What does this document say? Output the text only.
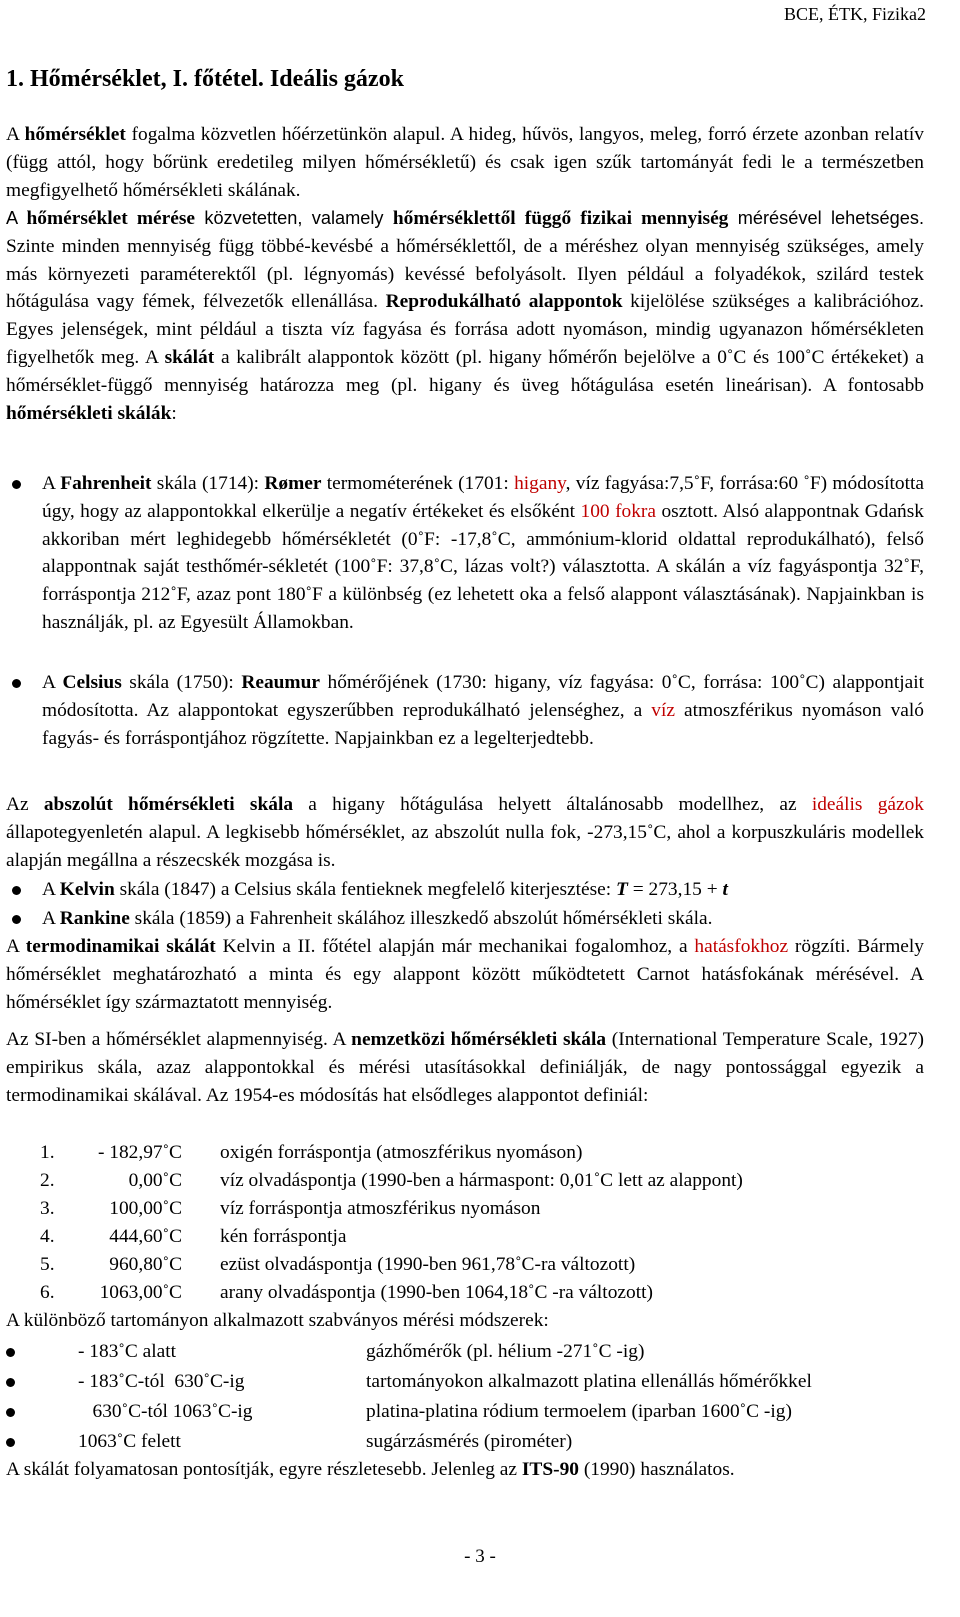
BCE, ÉTK, Fizika2
1. Hőmérséklet, I. főtétel. Ideális gázok
A hőmérséklet fogalma közvetlen hőérzetünkön alapul. A hideg, hűvös, langyos, meleg, forró érzete azonban relatív (függ attól, hogy bőrünk eredetileg milyen hőmérsékletű) és csak igen szűk tartományát fedi le a természetben megfigyelhető hőmérsékleti skálának.
A hőmérséklet mérése közvetetten, valamely hőmérséklettől függő fizikai mennyiség mérésével lehetséges. Szinte minden mennyiség függ többé-kevésbé a hőmérséklettől, de a méréshez olyan mennyiség szükséges, amely más környezeti paraméterektől (pl. légnyomás) kevéssé befolyásolt. Ilyen például a folyadékok, szilárd testek hőtágulása vagy fémek, félvezetők ellenállása. Reprodukálható alappontok kijelölése szükséges a kalibrációhoz. Egyes jelenségek, mint például a tiszta víz fagyása és forrása adott nyomáson, mindig ugyanazon hőmérsékleten figyelhetők meg. A skálát a kalibrált alappontok között (pl. higany hőmérőn bejelölve a 0˚C és 100˚C értékeket) a hőmérséklet-függő mennyiség határozza meg (pl. higany és üveg hőtágulása esetén lineárisan). A fontosabb hőmérsékleti skálák:
A Fahrenheit skála (1714): Rømer termométerének (1701: higany, víz fagyása:7,5˚F, forrása:60 ˚F) módosította úgy, hogy az alappontokkal elkerülje a negatív értékeket és elsőként 100 fokra osztott. Alsó alappontnak Gdańsk akkoriban mért leghidegebb hőmérsékletét (0˚F: -17,8˚C, ammónium-klorid oldattal reprodukálható), felső alappontnak saját testhőmér-sékletét (100˚F: 37,8˚C, lázas volt?) választotta. A skálán a víz fagyáspontja 32˚F, forráspontja 212˚F, azaz pont 180˚F a különbség (ez lehetett oka a felső alappont választásának). Napjainkban is használják, pl. az Egyesült Államokban.
A Celsius skála (1750): Reaumur hőmérőjének (1730: higany, víz fagyása: 0˚C, forrása: 100˚C) alappontjait módosította. Az alappontokat egyszerűbben reprodukálható jelenséghez, a víz atmoszférikus nyomáson való fagyás- és forráspontjához rögzítette. Napjainkban ez a legelterjedtebb.
Az abszolút hőmérsékleti skála a higany hőtágulása helyett általánosabb modellhez, az ideális gázok állapotegyenletén alapul. A legkisebb hőmérséklet, az abszolút nulla fok, -273,15˚C, ahol a korpuszkuláris modellek alapján megállna a részecskék mozgása is.
A Kelvin skála (1847) a Celsius skála fentieknek megfelelő kiterjesztése: T = 273,15 + t
A Rankine skála (1859) a Fahrenheit skálához illeszkedő abszolút hőmérsékleti skála.
A termodinamikai skálát Kelvin a II. főtétel alapján már mechanikai fogalomhoz, a hatásfokhoz rögzíti. Bármely hőmérséklet meghatározható a minta és egy alappont között működtetett Carnot hatásfokának mérésével. A hőmérséklet így származtatott mennyiség.
Az SI-ben a hőmérséklet alapmennyiség. A nemzetközi hőmérsékleti skála (International Temperature Scale, 1927) empirikus skála, azaz alappontokkal és mérési utasításokkal definiálják, de nagy pontossággal egyezik a termodinamikai skálával. Az 1954-es módosítás hat elsődleges alappontot definiál:
1.	- 182,97˚C oxigén forráspontja (atmoszférikus nyomáson)
2.	0,00˚C víz olvadáspontja (1990-ben a hármaspont: 0,01˚C lett az alappont)
3.	100,00˚C víz forráspontja atmoszférikus nyomáson
4.	444,60˚C kén forráspontja
5.	960,80˚C ezüst olvadáspontja (1990-ben 961,78˚C-ra változott)
6.	1063,00˚C arany olvadáspontja (1990-ben 1064,18˚C -ra változott)
A különböző tartományon alkalmazott szabványos mérési módszerek:
- 183˚C alatt	gázhőmérők (pl. hélium -271˚C -ig)
- 183˚C-tól  630˚C-ig	tartományokon alkalmazott platina ellenállás hőmérőkkel
630˚C-tól 1063˚C-ig	platina-platina ródium termoelem (iparban 1600˚C -ig)
1063˚C felett	sugárzásmérés (pirométer)
A skálát folyamatosan pontosítják, egyre részletesebb. Jelenleg az ITS-90 (1990) használatos.
- 3 -
